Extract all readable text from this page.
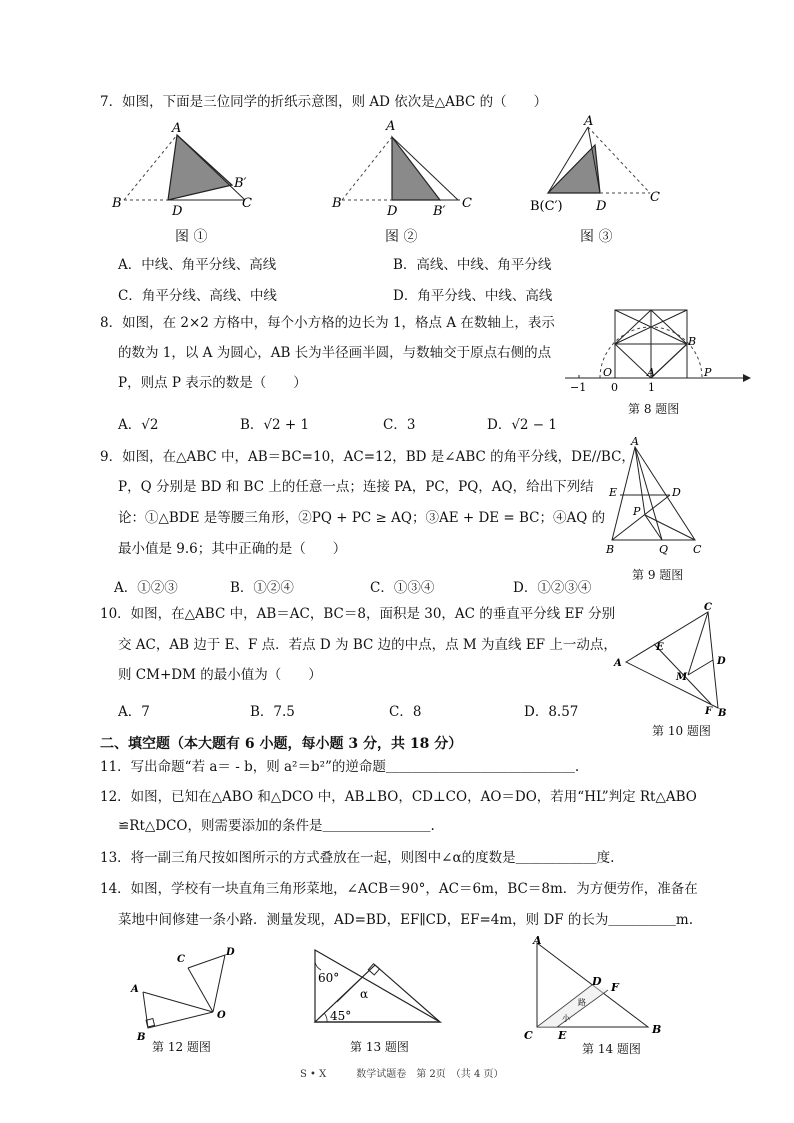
7．如图，下面是三位同学的折纸示意图，则 AD 依次是△ABC 的（　　）
A
B
D
B′
C
A
B
D	B′
C
A
B(C′)	D
C
图 ①	图 ②	图 ③
A．中线、角平分线、高线	B．高线、中线、角平分线
C．角平分线、高线、中线	D．角平分线、中线、高线
8．如图，在 2×2 方格中，每个小方格的边长为 1，格点 A 在数轴上，表示
的数为 1，以 A 为圆心，AB 长为半径画半圆，与数轴交于原点右侧的点
P，则点 P 表示的数是（　　）
A．√2	B．√2 + 1	C．3	D．√2 − 1
B
O	A	P
−1 0	1
第 8 题图
9．如图，在△ABC 中，AB＝BC=10，AC=12，BD 是∠ABC 的角平分线，DE//BC，
P，Q 分别是 BD 和 BC 上的任意一点；连接 PA，PC，PQ，AQ，给出下列结
论：①△BDE 是等腰三角形，②PQ + PC ≥ AQ；③AE + DE = BC；④AQ 的
最小值是 9.6；其中正确的是（　　）
A．①②③	B．①②④	C．①③④	D．①②③④
A
E	D
P
B	Q C
第 9 题图
10．如图，在△ABC 中，AB＝AC，BC＝8，面积是 30，AC 的垂直平分线 EF 分别
交 AC，AB 边于 E、F 点．若点 D 为 BC 边的中点，点 M 为直线 EF 上一动点，
则 CM+DM 的最小值为（　　）
A．7	B．7.5	C．8	D．8.57
C
A
E
M
D
F B
第 10 题图
二、填空题（本大题有 6 小题，每小题 3 分，共 18 分）
11．写出命题“若 a＝ - b，则 a²＝b²”的逆命题＿＿＿＿＿＿＿＿＿＿＿＿＿＿.
12．如图，已知在△ABO 和△DCO 中，AB⊥BO，CD⊥CO，AO＝DO，若用“HL”判定 Rt△ABO
≌Rt△DCO，则需要添加的条件是＿＿＿＿＿＿＿＿.
13．将一副三角尺按如图所示的方式叠放在一起，则图中∠α的度数是＿＿＿＿＿＿度.
14．如图，学校有一块直角三角形菜地，∠ACB＝90°，AC＝6m，BC＝8m．为方便劳作，准备在
菜地中间修建一条小路．测量发现，AD=BD，EF∥CD，EF=4m，则 DF 的长为＿＿＿＿＿m.
A
B
C
D
O
第 12 题图
60°
45°
α
第 13 题图
A
D F
C E	B
小
路
第 14 题图
S • X　　　数学试题卷　第 2页　（共 4 页）
